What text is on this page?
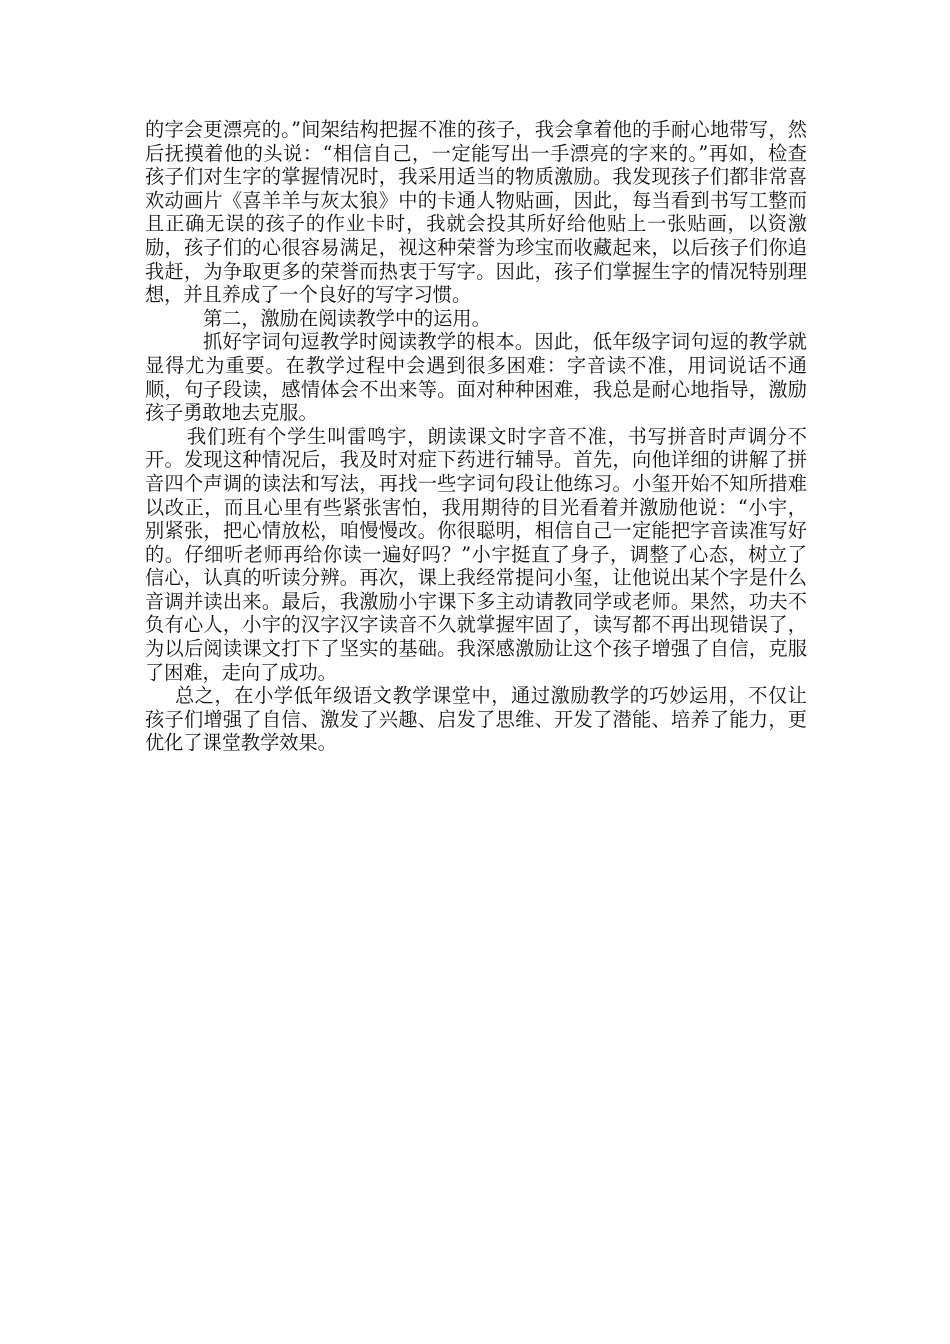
的字会更漂亮的。”间架结构把握不准的孩子，我会拿着他的手耐心地带写，然后抚摸着他的头说：“相信自己，一定能写出一手漂亮的字来的。”再如，检查孩子们对生字的掌握情况时，我采用适当的物质激励。我发现孩子们都非常喜欢动画片《喜羊羊与灰太狼》中的卡通人物贴画，因此，每当看到书写工整而且正确无误的孩子的作业卡时，我就会投其所好给他贴上一张贴画，以资激励，孩子们的心很容易满足，视这种荣誉为珍宝而收藏起来，以后孩子们你追我赶，为争取更多的荣誉而热衷于写字。因此，孩子们掌握生字的情况特别理想，并且养成了一个良好的写字习惯。

第二，激励在阅读教学中的运用。

抓好字词句逗教学时阅读教学的根本。因此，低年级字词句逗的教学就显得尤为重要。在教学过程中会遇到很多困难：字音读不准，用词说话不通顺，句子段读，感情体会不出来等。面对种种困难，我总是耐心地指导，激励孩子勇敢地去克服。

我们班有个学生叫雷鸣宇，朗读课文时字音不准，书写拼音时声调分不开。发现这种情况后，我及时对症下药进行辅导。首先，向他详细的讲解了拼音四个声调的读法和写法，再找一些字词句段让他练习。小玺开始不知所措难以改正，而且心里有些紧张害怕，我用期待的目光看着并激励他说：“小宇，别紧张，把心情放松，咱慢慢改。你很聪明，相信自己一定能把字音读准写好的。仔细听老师再给你读一遍好吗？”小宇挺直了身子，调整了心态，树立了信心，认真的听读分辨。再次，课上我经常提问小玺，让他说出某个字是什么音调并读出来。最后，我激励小宇课下多主动请教同学或老师。果然，功夫不负有心人，小宇的汉字汉字读音不久就掌握牢固了，读写都不再出现错误了，为以后阅读课文打下了坚实的基础。我深感激励让这个孩子增强了自信，克服了困难，走向了成功。

总之，在小学低年级语文教学课堂中，通过激励教学的巧妙运用，不仅让孩子们增强了自信、激发了兴趣、启发了思维、开发了潜能、培养了能力，更优化了课堂教学效果。
